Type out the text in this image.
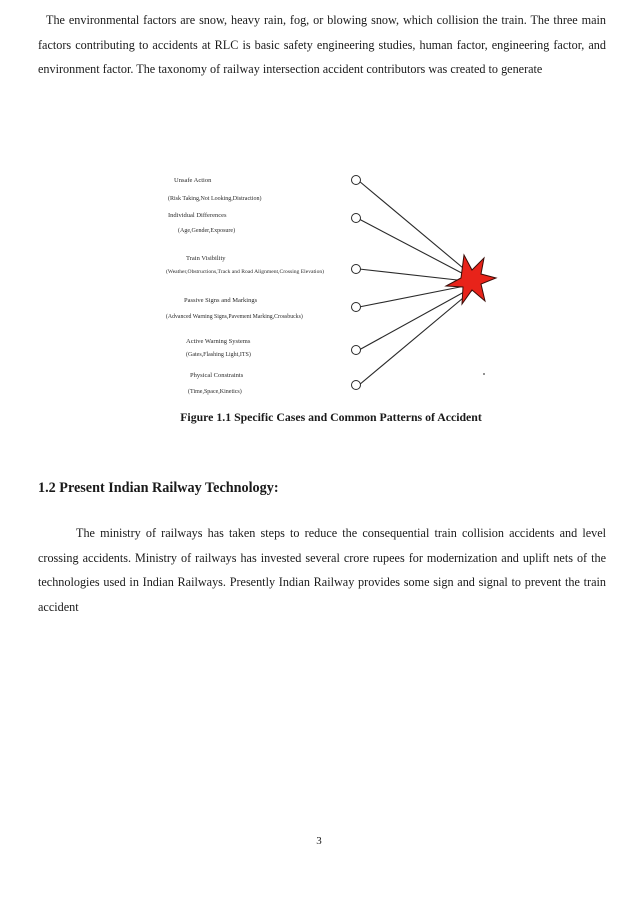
The environmental factors are snow, heavy rain, fog, or blowing snow, which collision the train. The three main factors contributing to accidents at RLC is basic safety engineering studies, human factor, engineering factor, and environment factor. The taxonomy of railway intersection accident contributors was created to generate

Unsafe Action
(Risk Taking,Not Looking,Distraction)
Individual Differences
(Age,Gender,Exposure)
Train Visibility
(Weather,Obstructions,Track and Road Alignment,Crossing Elevation)
Passive Signs and Markings
(Advanced Warning Signs,Pavement Marking,Crossbucks)
Active Warning Systems
(Gates,Flashing Light,ITS)
Physical Constraints
(Time,Space,Kinetics)

Figure 1.1 Specific Cases and Common Patterns of Accident

1.2 Present Indian Railway Technology:

The ministry of railways has taken steps to reduce the consequential train collision accidents and level crossing accidents. Ministry of railways has invested several crore rupees for modernization and uplift nets of the technologies used in Indian Railways. Presently Indian Railway provides some sign and signal to prevent the train accident

3
